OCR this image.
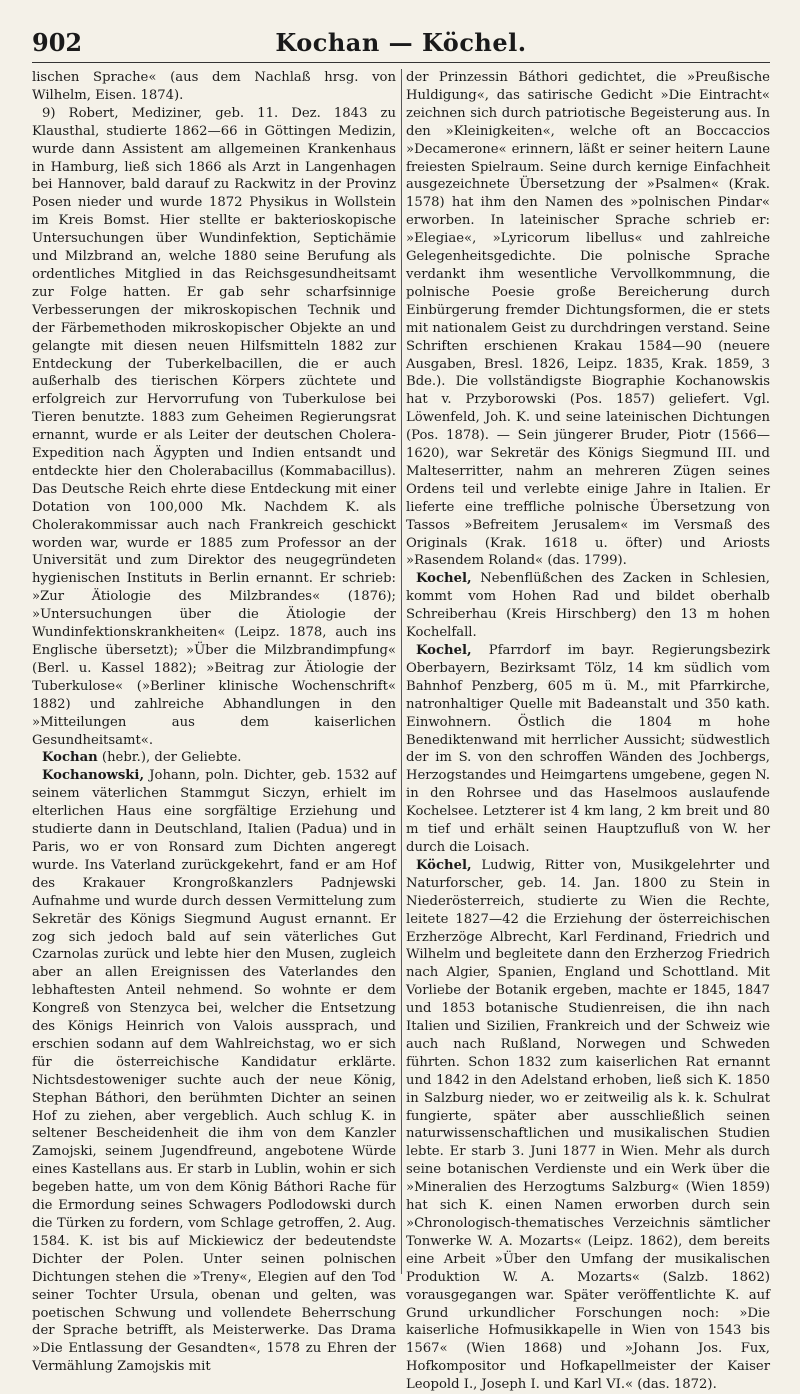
902	Kochan — Köchel.

lischen Sprache« (aus dem Nachlaß hrsg. von Wilhelm, Eisen. 1874).

9) Robert, Mediziner, geb. 11. Dez. 1843 zu Klausthal, studierte 1862—66 in Göttingen Medizin, wurde dann Assistent am allgemeinen Krankenhaus in Hamburg, ließ sich 1866 als Arzt in Langenhagen bei Hannover, bald darauf zu Rackwitz in der Provinz Posen nieder und wurde 1872 Physikus in Wollstein im Kreis Bomst. Hier stellte er bakterioskopische Untersuchungen über Wundinfektion, Septichämie und Milzbrand an, welche 1880 seine Berufung als ordentliches Mitglied in das Reichsgesundheitsamt zur Folge hatten. Er gab sehr scharfsinnige Verbesserungen der mikroskopischen Technik und der Färbemethoden mikroskopischer Objekte an und gelangte mit diesen neuen Hilfsmitteln 1882 zur Entdeckung der Tuberkelbacillen, die er auch außerhalb des tierischen Körpers züchtete und erfolgreich zur Hervorrufung von Tuberkulose bei Tieren benutzte. 1883 zum Geheimen Regierungsrat ernannt, wurde er als Leiter der deutschen Cholera-Expedition nach Ägypten und Indien entsandt und entdeckte hier den Cholerabacillus (Kommabacillus). Das Deutsche Reich ehrte diese Entdeckung mit einer Dotation von 100,000 Mk. Nachdem K. als Cholerakommissar auch nach Frankreich geschickt worden war, wurde er 1885 zum Professor an der Universität und zum Direktor des neugegründeten hygienischen Instituts in Berlin ernannt. Er schrieb: »Zur Ätiologie des Milzbrandes« (1876); »Untersuchungen über die Ätiologie der Wundinfektionskrankheiten« (Leipz. 1878, auch ins Englische übersetzt); »Über die Milzbrandimpfung« (Berl. u. Kassel 1882); »Beitrag zur Ätiologie der Tuberkulose« (»Berliner klinische Wochenschrift« 1882) und zahlreiche Abhandlungen in den »Mitteilungen aus dem kaiserlichen Gesundheitsamt«.

Kochan (hebr.), der Geliebte.

Kochanowski, Johann, poln. Dichter, geb. 1532 auf seinem väterlichen Stammgut Siczyn, erhielt im elterlichen Haus eine sorgfältige Erziehung und studierte dann in Deutschland, Italien (Padua) und in Paris, wo er von Ronsard zum Dichten angeregt wurde. Ins Vaterland zurückgekehrt, fand er am Hof des Krakauer Krongroßkanzlers Padnjewski Aufnahme und wurde durch dessen Vermittelung zum Sekretär des Königs Siegmund August ernannt. Er zog sich jedoch bald auf sein väterliches Gut Czarnolas zurück und lebte hier den Musen, zugleich aber an allen Ereignissen des Vaterlandes den lebhaftesten Anteil nehmend. So wohnte er dem Kongreß von Stenzyca bei, welcher die Entsetzung des Königs Heinrich von Valois aussprach, und erschien sodann auf dem Wahlreichstag, wo er sich für die österreichische Kandidatur erklärte. Nichtsdestoweniger suchte auch der neue König, Stephan Báthori, den berühmten Dichter an seinen Hof zu ziehen, aber vergeblich. Auch schlug K. in seltener Bescheidenheit die ihm von dem Kanzler Zamojski, seinem Jugendfreund, angebotene Würde eines Kastellans aus. Er starb in Lublin, wohin er sich begeben hatte, um von dem König Báthori Rache für die Ermordung seines Schwagers Podlodowski durch die Türken zu fordern, vom Schlage getroffen, 2. Aug. 1584. K. ist bis auf Mickiewicz der bedeutendste Dichter der Polen. Unter seinen polnischen Dichtungen stehen die »Treny«, Elegien auf den Tod seiner Tochter Ursula, obenan und gelten, was poetischen Schwung und vollendete Beherrschung der Sprache betrifft, als Meisterwerke. Das Drama »Die Entlassung der Gesandten«, 1578 zu Ehren der Vermählung Zamojskis mit

der Prinzessin Báthori gedichtet, die »Preußische Huldigung«, das satirische Gedicht »Die Eintracht« zeichnen sich durch patriotische Begeisterung aus. In den »Kleinigkeiten«, welche oft an Boccaccios »Decamerone« erinnern, läßt er seiner heitern Laune freiesten Spielraum. Seine durch kernige Einfachheit ausgezeichnete Übersetzung der »Psalmen« (Krak. 1578) hat ihm den Namen des »polnischen Pindar« erworben. In lateinischer Sprache schrieb er: »Elegiae«, »Lyricorum libellus« und zahlreiche Gelegenheitsgedichte. Die polnische Sprache verdankt ihm wesentliche Vervollkommnung, die polnische Poesie große Bereicherung durch Einbürgerung fremder Dichtungsformen, die er stets mit nationalem Geist zu durchdringen verstand. Seine Schriften erschienen Krakau 1584—90 (neuere Ausgaben, Bresl. 1826, Leipz. 1835, Krak. 1859, 3 Bde.). Die vollständigste Biographie Kochanowskis hat v. Przyborowski (Pos. 1857) geliefert. Vgl. Löwenfeld, Joh. K. und seine lateinischen Dichtungen (Pos. 1878). — Sein jüngerer Bruder, Piotr (1566—1620), war Sekretär des Königs Siegmund III. und Malteserritter, nahm an mehreren Zügen seines Ordens teil und verlebte einige Jahre in Italien. Er lieferte eine treffliche polnische Übersetzung von Tassos »Befreitem Jerusalem« im Versmaß des Originals (Krak. 1618 u. öfter) und Ariosts »Rasendem Roland« (das. 1799).

Kochel, Nebenflüßchen des Zacken in Schlesien, kommt vom Hohen Rad und bildet oberhalb Schreiberhau (Kreis Hirschberg) den 13 m hohen Kochelfall.

Kochel, Pfarrdorf im bayr. Regierungsbezirk Oberbayern, Bezirksamt Tölz, 14 km südlich vom Bahnhof Penzberg, 605 m ü. M., mit Pfarrkirche, natronhaltiger Quelle mit Badeanstalt und 350 kath. Einwohnern. Östlich die 1804 m hohe Benediktenwand mit herrlicher Aussicht; südwestlich der im S. von den schroffen Wänden des Jochbergs, Herzogstandes und Heimgartens umgebene, gegen N. in den Rohrsee und das Haselmoos auslaufende Kochelsee. Letzterer ist 4 km lang, 2 km breit und 80 m tief und erhält seinen Hauptzufluß von W. her durch die Loisach.

Köchel, Ludwig, Ritter von, Musikgelehrter und Naturforscher, geb. 14. Jan. 1800 zu Stein in Niederösterreich, studierte zu Wien die Rechte, leitete 1827—42 die Erziehung der österreichischen Erzherzöge Albrecht, Karl Ferdinand, Friedrich und Wilhelm und begleitete dann den Erzherzog Friedrich nach Algier, Spanien, England und Schottland. Mit Vorliebe der Botanik ergeben, machte er 1845, 1847 und 1853 botanische Studienreisen, die ihn nach Italien und Sizilien, Frankreich und der Schweiz wie auch nach Rußland, Norwegen und Schweden führten. Schon 1832 zum kaiserlichen Rat ernannt und 1842 in den Adelstand erhoben, ließ sich K. 1850 in Salzburg nieder, wo er zeitweilig als k. k. Schulrat fungierte, später aber ausschließlich seinen naturwissenschaftlichen und musikalischen Studien lebte. Er starb 3. Juni 1877 in Wien. Mehr als durch seine botanischen Verdienste und ein Werk über die »Mineralien des Herzogtums Salzburg« (Wien 1859) hat sich K. einen Namen erworben durch sein »Chronologisch-thematisches Verzeichnis sämtlicher Tonwerke W. A. Mozarts« (Leipz. 1862), dem bereits eine Arbeit »Über den Umfang der musikalischen Produktion W. A. Mozarts« (Salzb. 1862) vorausgegangen war. Später veröffentlichte K. auf Grund urkundlicher Forschungen noch: »Die kaiserliche Hofmusikkapelle in Wien von 1543 bis 1567« (Wien 1868) und »Johann Jos. Fux, Hofkompositor und Hofkapellmeister der Kaiser Leopold I., Joseph I. und Karl VI.« (das. 1872).
